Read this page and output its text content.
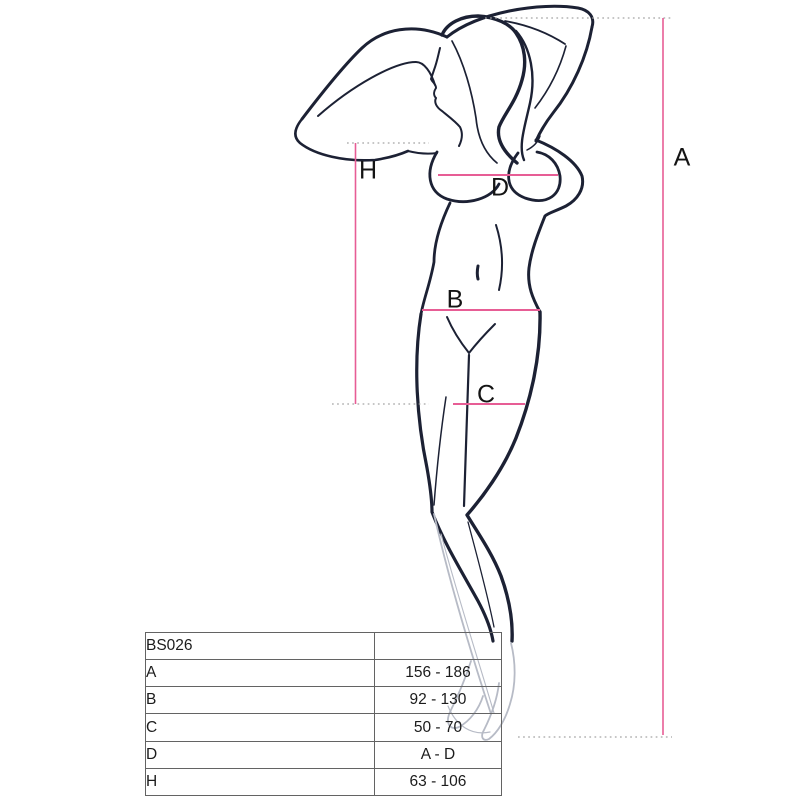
A
B
C
D
H
BS026	
A	156 - 186
B	92 - 130
C	50 - 70
D	A - D
H	63 - 106
